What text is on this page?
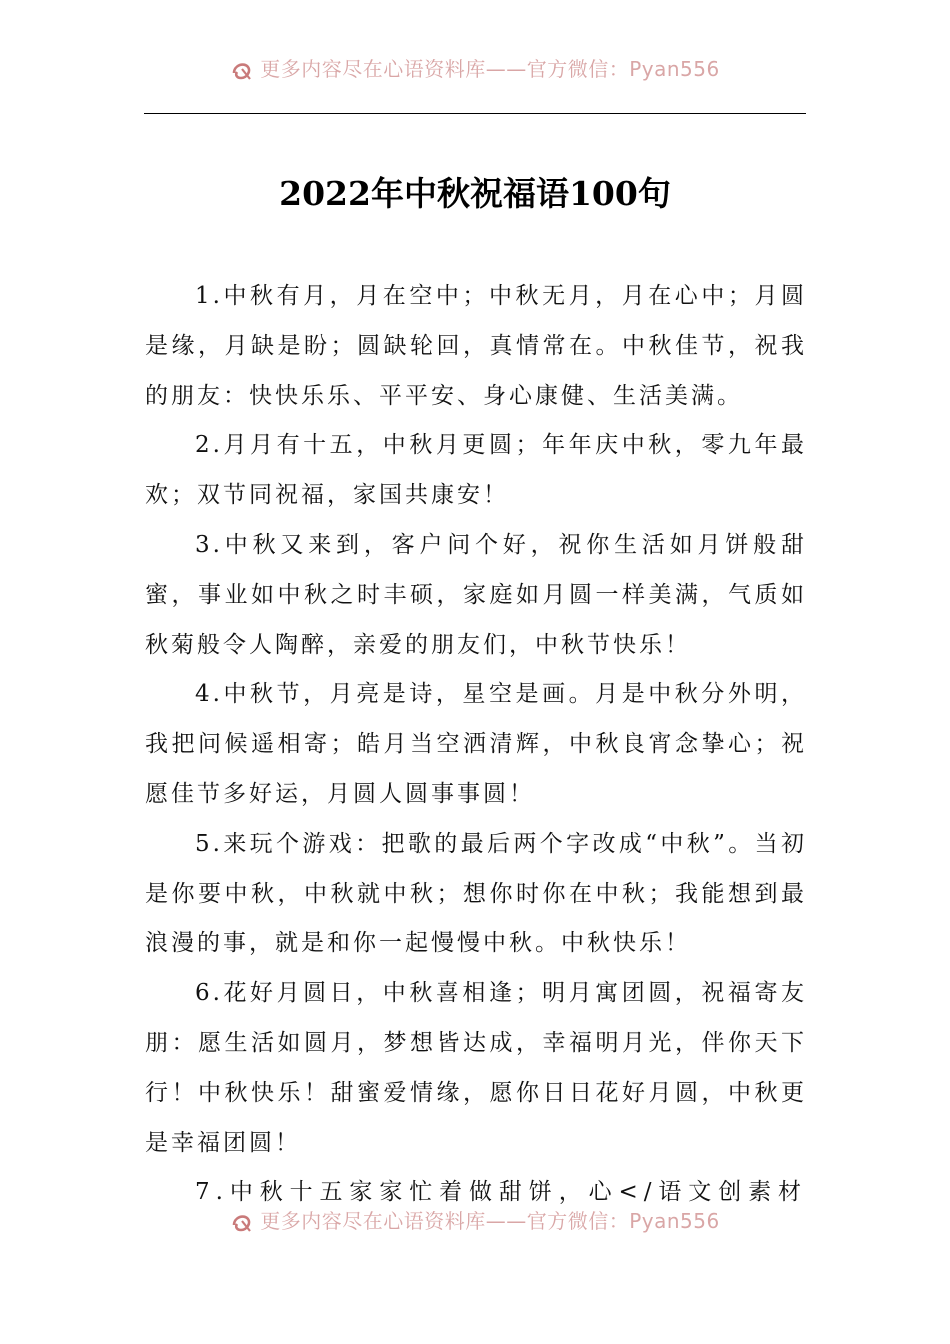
更多内容尽在心语资料库——官方微信：Pyan556
2022年中秋祝福语100句

1.中秋有月，月在空中；中秋无月，月在心中；月圆是缘，月缺是盼；圆缺轮回，真情常在。中秋佳节，祝我的朋友：快快乐乐、平平安、身心康健、生活美满。

2.月月有十五，中秋月更圆；年年庆中秋，零九年最欢；双节同祝福，家国共康安！

3.中秋又来到，客户问个好，祝你生活如月饼般甜蜜，事业如中秋之时丰硕，家庭如月圆一样美满，气质如秋菊般令人陶醉，亲爱的朋友们，中秋节快乐！

4.中秋节，月亮是诗，星空是画。月是中秋分外明，我把问候遥相寄；皓月当空洒清辉，中秋良宵念挚心；祝愿佳节多好运，月圆人圆事事圆！

5.来玩个游戏：把歌的最后两个字改成“中秋”。当初是你要中秋，中秋就中秋；想你时你在中秋；我能想到最浪漫的事，就是和你一起慢慢中秋。中秋快乐！

6.花好月圆日，中秋喜相逢；明月寓团圆，祝福寄友朋：愿生活如圆月，梦想皆达成，幸福明月光，伴你天下行！中秋快乐！甜蜜爱情缘，愿你日日花好月圆，中秋更是幸福团圆！

7.中秋十五家家忙着做甜饼，心</语文创素材

更多内容尽在心语资料库——官方微信：Pyan556
